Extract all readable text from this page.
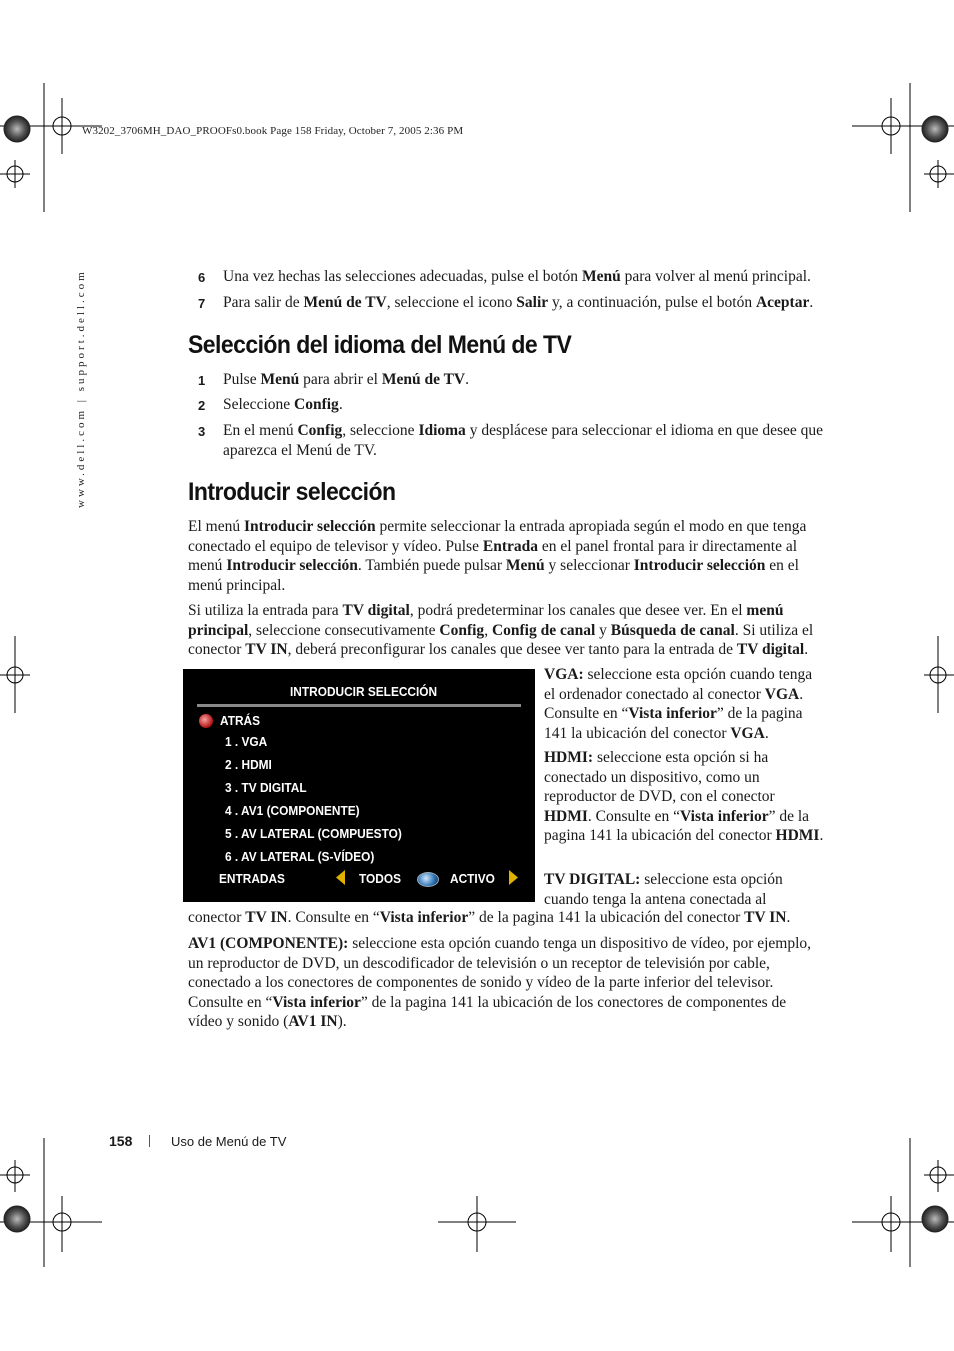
W3202_3706MH_DAO_PROOFs0.book Page 158 Friday, October 7, 2005 2:36 PM
www.dell.com | support.dell.com	6 Una vez hechas las selecciones adecuadas, pulse el botón Menú para volver al menú principal.
7 Para salir de Menú de TV, seleccione el icono Salir y, a continuación, pulse el botón Aceptar.
Selección del idioma del Menú de TV
1 Pulse Menú para abrir el Menú de TV.
2 Seleccione Config.
3 En el menú Config, seleccione Idioma y desplácese para seleccionar el idioma en que desee que aparezca el Menú de TV.
Introducir selección
El menú Introducir selección permite seleccionar la entrada apropiada según el modo en que tenga conectado el equipo de televisor y vídeo. Pulse Entrada en el panel frontal para ir directamente al menú Introducir selección. También puede pulsar Menú y seleccionar Introducir selección en el menú principal.
Si utiliza la entrada para TV digital, podrá predeterminar los canales que desee ver. En el menú principal, seleccione consecutivamente Config, Config de canal y Búsqueda de canal. Si utiliza el conector TV IN, deberá preconfigurar los canales que desee ver tanto para la entrada de TV digital.
INTRODUCIR SELECCIÓN
ATRÁS
1 . VGA
2 . HDMI
3 . TV DIGITAL
4 . AV1 (COMPONENTE)
5 . AV LATERAL (COMPUESTO)
6 . AV LATERAL (S-VÍDEO)
ENTRADAS	TODOS	ACTIVO
VGA: seleccione esta opción cuando tenga el ordenador conectado al conector VGA. Consulte en “Vista inferior” de la pagina 141 la ubicación del conector VGA.
HDMI: seleccione esta opción si ha conectado un dispositivo, como un reproductor de DVD, con el conector HDMI. Consulte en “Vista inferior” de la pagina 141 la ubicación del conector HDMI.
TV DIGITAL: seleccione esta opción cuando tenga la antena conectada al
conector TV IN. Consulte en “Vista inferior” de la pagina 141 la ubicación del conector TV IN.
AV1 (COMPONENTE): seleccione esta opción cuando tenga un dispositivo de vídeo, por ejemplo, un reproductor de DVD, un descodificador de televisión o un receptor de televisión por cable, conectado a los conectores de componentes de sonido y vídeo de la parte inferior del televisor. Consulte en “Vista inferior” de la pagina 141 la ubicación de los conectores de componentes de vídeo y sonido (AV1 IN).
158	Uso de Menú de TV
